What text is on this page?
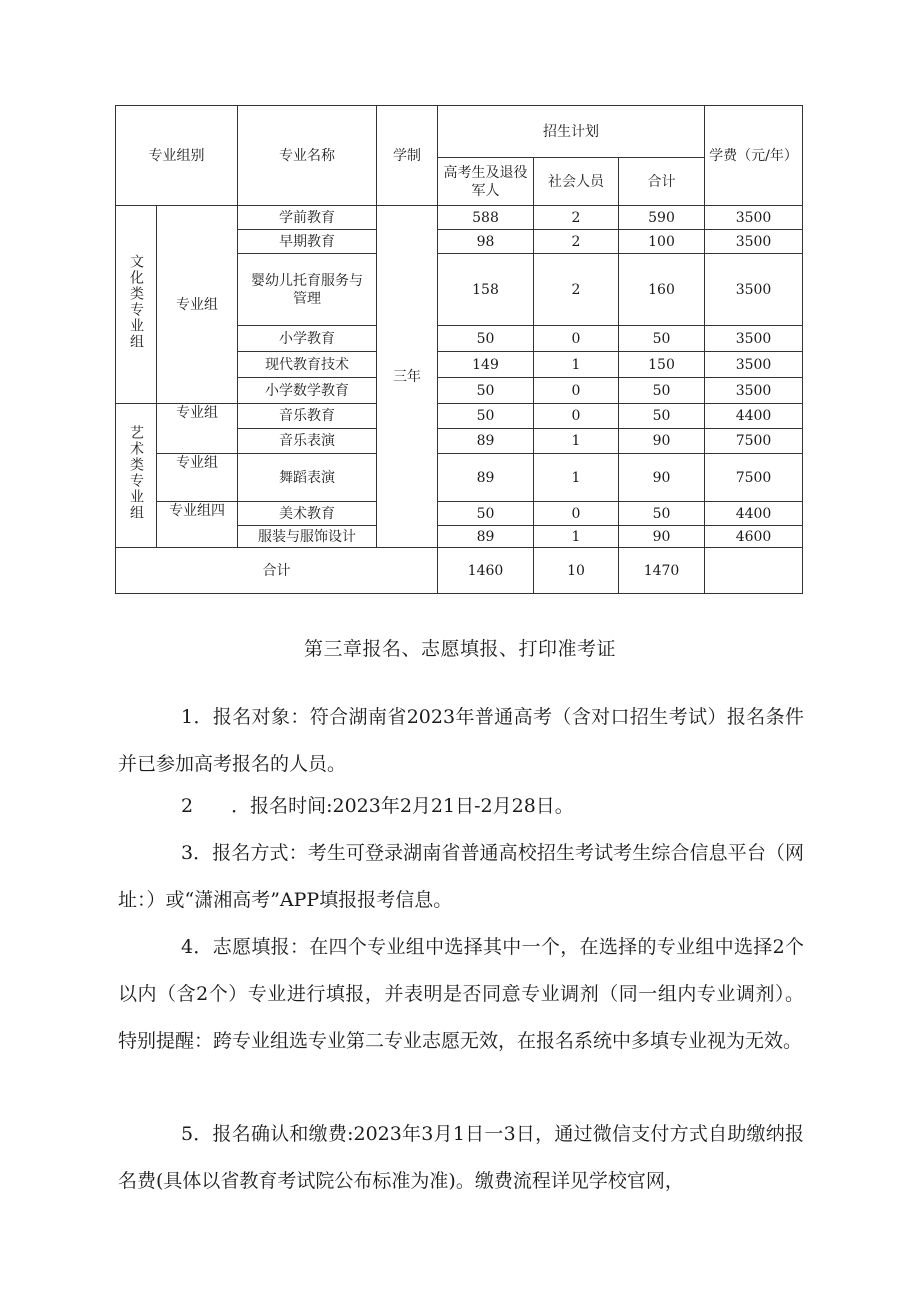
专业组别		专业名称	学制	招生计划			学费（元/年）
				高考生及退役军人	社会人员	合计	
文化类专业组	专业组	学前教育	三年	588	2	590	3500
		早期教育		98	2	100	3500
		婴幼儿托育服务与管理		158	2	160	3500
		小学教育		50	0	50	3500
		现代教育技术		149	1	150	3500
		小学数学教育		50	0	50	3500
艺术类专业组	专业组	音乐教育		50	0	50	4400
		音乐表演		89	1	90	7500
	专业组	舞蹈表演		89	1	90	7500
	专业组四	美术教育		50	0	50	4400
		服装与服饰设计		89	1	90	4600
合计				1460	10	1470	
第三章报名、志愿填报、打印准考证

1．报名对象：符合湖南省2023年普通高考（含对口招生考试）报名条件并已参加高考报名的人员。

2　　．报名时间:2023年2月21日-2月28日。

3．报名方式：考生可登录湖南省普通高校招生考试考生综合信息平台（网址：）或“潇湘高考”APP填报报考信息。

4．志愿填报：在四个专业组中选择其中一个，在选择的专业组中选择2个以内（含2个）专业进行填报，并表明是否同意专业调剂（同一组内专业调剂）。特别提醒：跨专业组选专业第二专业志愿无效，在报名系统中多填专业视为无效。

5．报名确认和缴费:2023年3月1日一3日，通过微信支付方式自助缴纳报名费(具体以省教育考试院公布标准为准)。缴费流程详见学校官网，
